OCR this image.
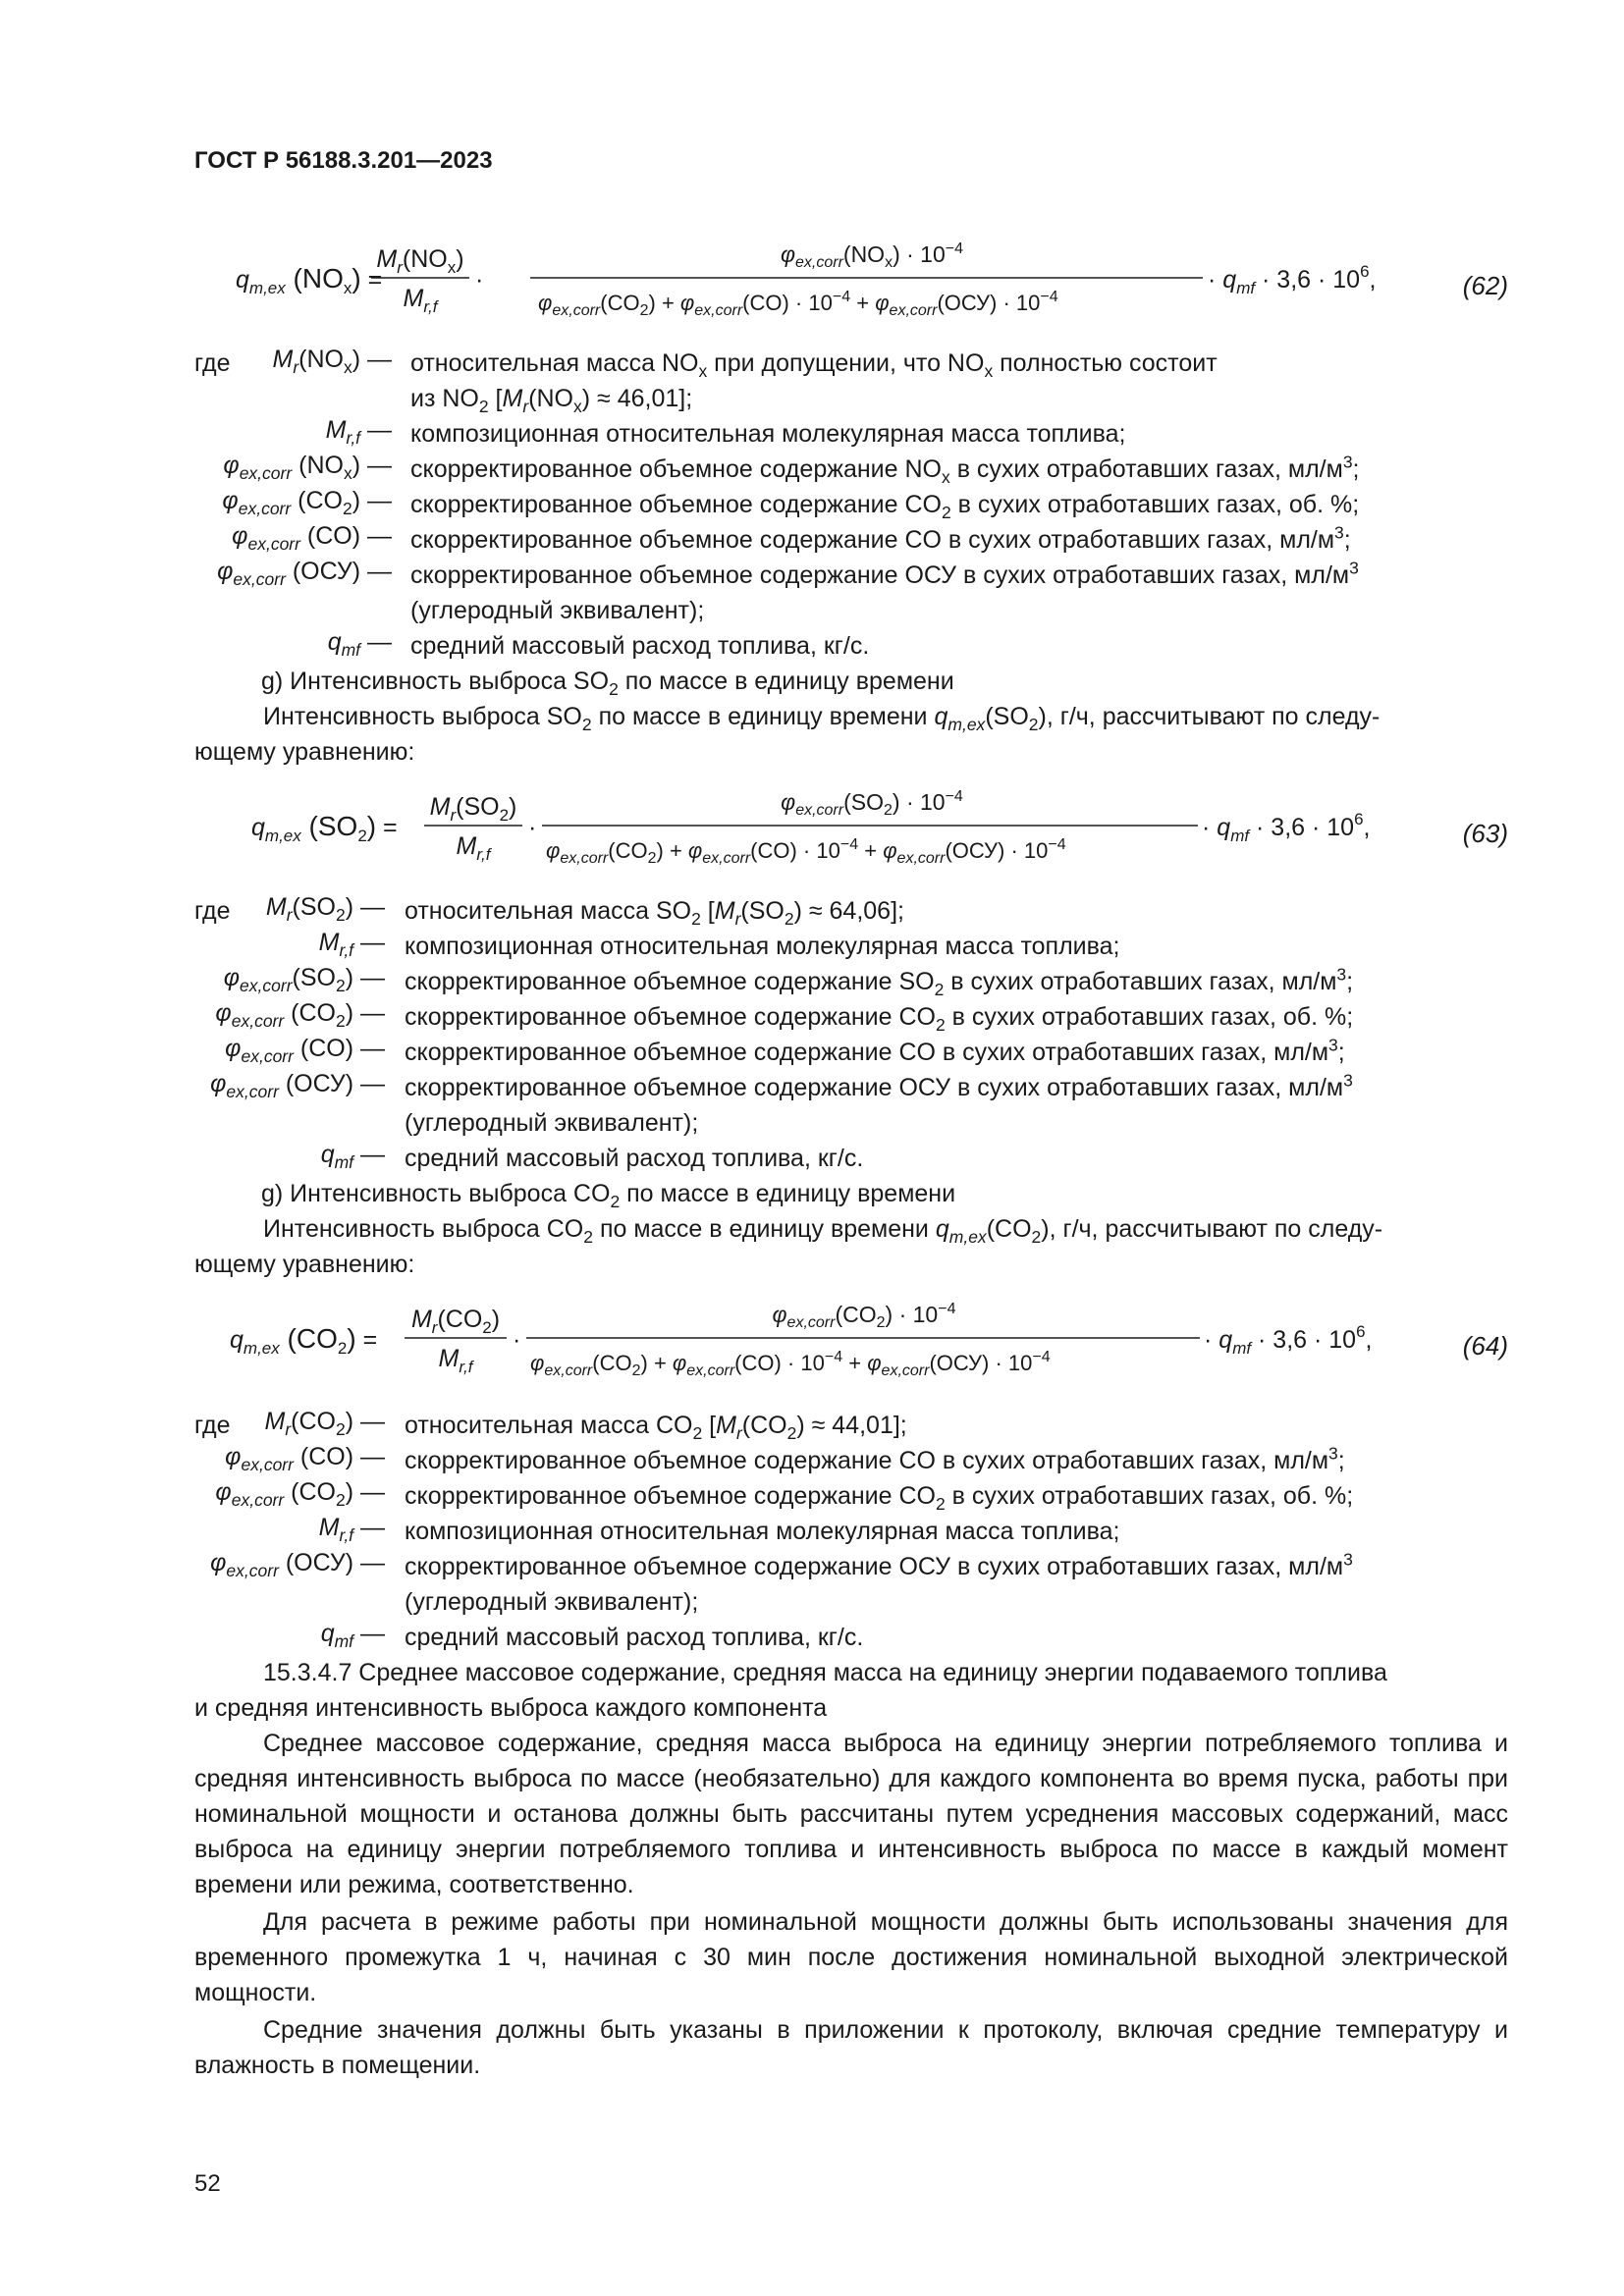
ГОСТ Р 56188.3.201—2023
$q_{m,ex}$ $(NO_x)$ =
$M_r(NO_x)$
$M_{r,f}$
·
$\varphi_{ex,corr}(NO_x) \cdot 10^{-4}$
$\varphi_{ex,corr}(CO_2) + \varphi_{ex,corr}(CO) \cdot 10^{-4} + \varphi_{ex,corr}(ОСУ) \cdot 10^{-4}$
· $q_{mf} \cdot 3,6 \cdot 10^6$,	(62)
где $M_r(NO_x)$ — относительная масса $NO_x$ при допущении, что $NO_x$ полностью состоит
из $NO_2$ $[M_r(NO_x) \approx 46,01]$;
$M_{r,f}$ — композиционная относительная молекулярная масса топлива;
$\varphi_{ex,corr}$ $(NO_x)$ — скорректированное объемное содержание $NO_x$ в сухих отработавших газах, $мл/м^3$;
$\varphi_{ex,corr}$ $(CO_2)$ — скорректированное объемное содержание $CO_2$ в сухих отработавших газах, об. %;
$\varphi_{ex,corr}$ (CO) — скорректированное объемное содержание CO в сухих отработавших газах, $мл/м^3$;
$\varphi_{ex,corr}$ (ОСУ) — скорректированное объемное содержание ОСУ в сухих отработавших газах, $мл/м^3$
(углеродный эквивалент);
$q_{mf}$ — средний массовый расход топлива, кг/с.
g) Интенсивность выброса $SO_2$ по массе в единицу времени
Интенсивность выброса $SO_2$ по массе в единицу времени $q_{m,ex}(SO_2)$, г/ч, рассчитывают по следу-
ющему уравнению:
$q_{m,ex}$ $(SO_2)$ =
$M_r(SO_2)$
$M_{r,f}$
·
$\varphi_{ex,corr}(SO_2) \cdot 10^{-4}$
$\varphi_{ex,corr}(CO_2) + \varphi_{ex,corr}(CO) \cdot 10^{-4} + \varphi_{ex,corr}(ОСУ) \cdot 10^{-4}$
· $q_{mf} \cdot 3,6 \cdot 10^6$,	(63)
где $M_r(SO_2)$ — относительная масса $SO_2$ $[M_r(SO_2) \approx 64,06]$;
$M_{r,f}$ — композиционная относительная молекулярная масса топлива;
$\varphi_{ex,corr}(SO_2)$ — скорректированное объемное содержание $SO_2$ в сухих отработавших газах, $мл/м^3$;
$\varphi_{ex,corr}$ $(CO_2)$ — скорректированное объемное содержание $CO_2$ в сухих отработавших газах, об. %;
$\varphi_{ex,corr}$ (CO) — скорректированное объемное содержание CO в сухих отработавших газах, $мл/м^3$;
$\varphi_{ex,corr}$ (ОСУ) — скорректированное объемное содержание ОСУ в сухих отработавших газах, $мл/м^3$
(углеродный эквивалент);
$q_{mf}$ — средний массовый расход топлива, кг/с.
g) Интенсивность выброса $CO_2$ по массе в единицу времени
Интенсивность выброса $CO_2$ по массе в единицу времени $q_{m,ex}(CO_2)$, г/ч, рассчитывают по следу-
ющему уравнению:
$q_{m,ex}$ $(CO_2)$ =
$M_r(CO_2)$
$M_{r,f}$
·
$\varphi_{ex,corr}(CO_2) \cdot 10^{-4}$
$\varphi_{ex,corr}(CO_2) + \varphi_{ex,corr}(CO) \cdot 10^{-4} + \varphi_{ex,corr}(ОСУ) \cdot 10^{-4}$
· $q_{mf} \cdot 3,6 \cdot 10^6$,	(64)
где $M_r(CO_2)$ — относительная масса $CO_2$ $[M_r(CO_2) \approx 44,01]$;
$\varphi_{ex,corr}$ (CO) — скорректированное объемное содержание CO в сухих отработавших газах, $мл/м^3$;
$\varphi_{ex,corr}$ $(CO_2)$ — скорректированное объемное содержание $CO_2$ в сухих отработавших газах, об. %;
$M_{r,f}$ — композиционная относительная молекулярная масса топлива;
$\varphi_{ex,corr}$ (ОСУ) — скорректированное объемное содержание ОСУ в сухих отработавших газах, $мл/м^3$
(углеродный эквивалент);
$q_{mf}$ — средний массовый расход топлива, кг/с.
15.3.4.7 Среднее массовое содержание, средняя масса на единицу энергии подаваемого топлива
и средняя интенсивность выброса каждого компонента
Среднее массовое содержание, средняя масса выброса на единицу энергии потребляемого топлива и средняя интенсивность выброса по массе (необязательно) для каждого компонента во время пуска, работы при номинальной мощности и останова должны быть рассчитаны путем усреднения массовых содержаний, масс выброса на единицу энергии потребляемого топлива и интенсивность выброса по массе в каждый момент времени или режима, соответственно.
Для расчета в режиме работы при номинальной мощности должны быть использованы значения для временного промежутка 1 ч, начиная с 30 мин после достижения номинальной выходной электрической мощности.
Средние значения должны быть указаны в приложении к протоколу, включая средние температуру и влажность в помещении.
52
